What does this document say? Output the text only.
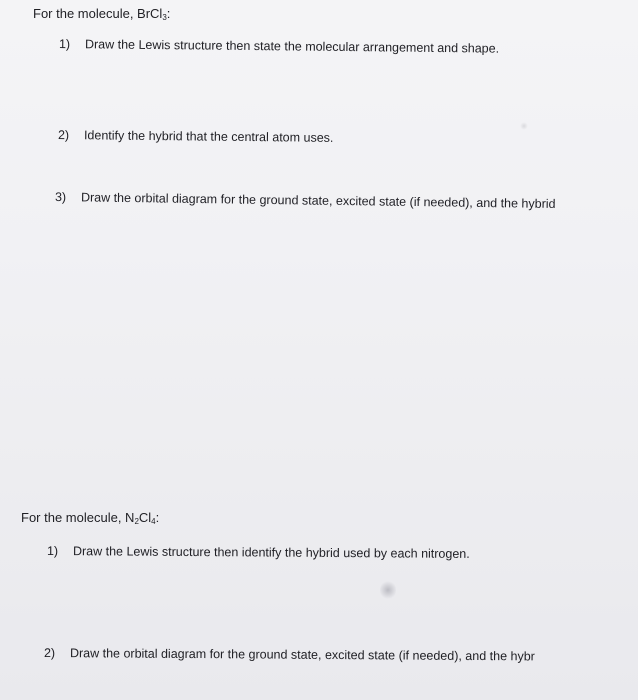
For the molecule, BrCl$_3$:
1) Draw the Lewis structure then state the molecular arrangement and shape.
2) Identify the hybrid that the central atom uses.
3) Draw the orbital diagram for the ground state, excited state (if needed), and the hybrid
For the molecule, $N_2Cl_4$:
1) Draw the Lewis structure then identify the hybrid used by each nitrogen.
2) Draw the orbital diagram for the ground state, excited state (if needed), and the hybr
